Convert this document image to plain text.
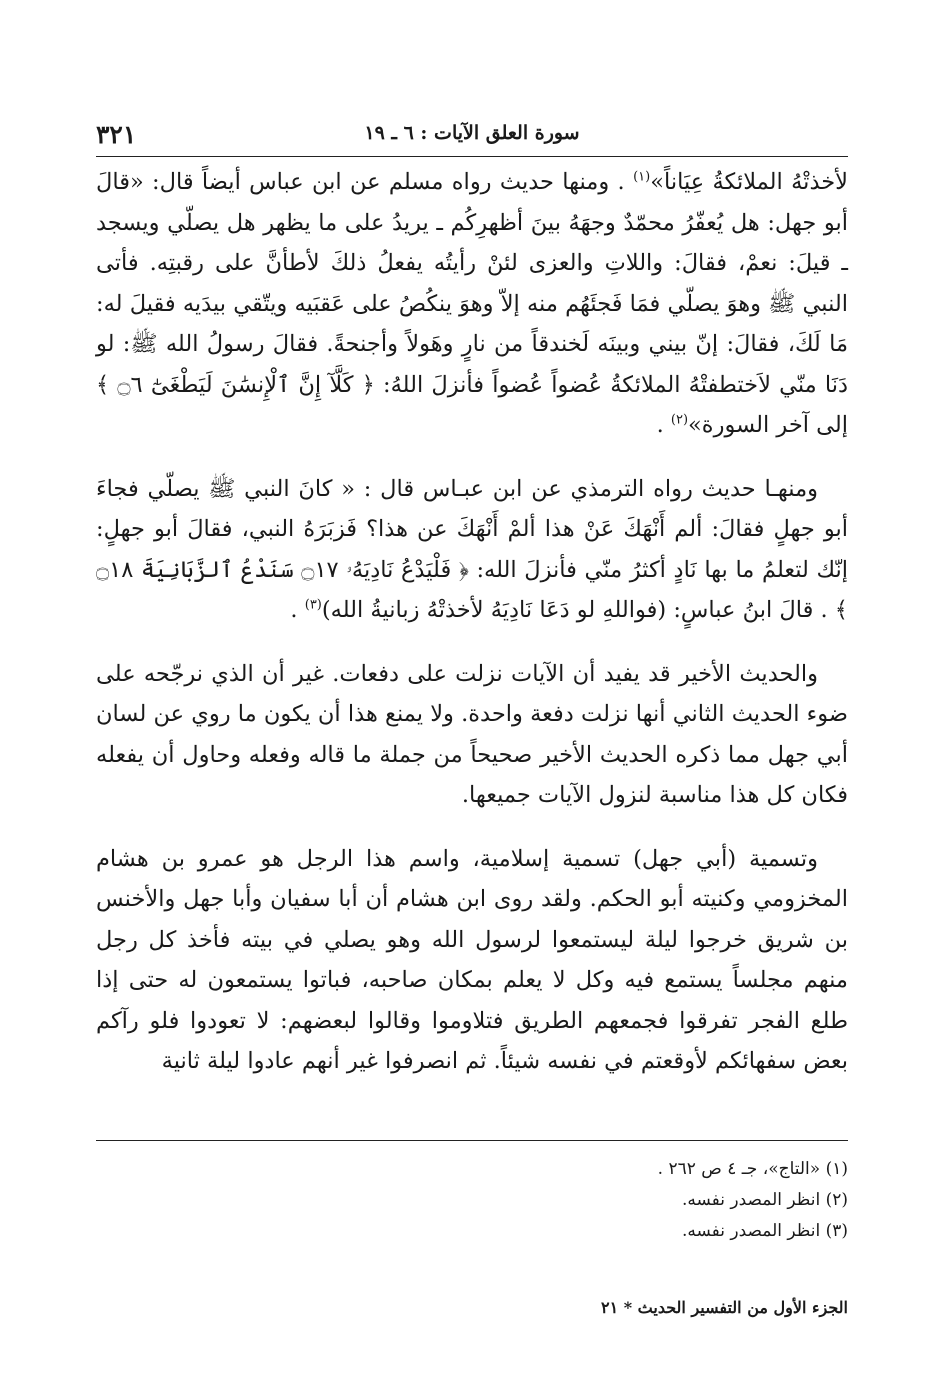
٣٢١	سورة العلق الآيات : ٦ ـ ١٩

لأخذتْهُ الملائكةُ عِيَاناً»$^{(١)}$ . ومنها حديث رواه مسلم عن ابن عباس أيضاً قال: «قالَ أبو جهل: هل يُعفّرُ محمّدٌ وجهَهُ بينَ أظهرِكُم ـ يريدُ على ما يظهر هل يصلّي ويسجد ـ قيلَ: نعمْ، فقالَ: واللاتِ والعزى لئنْ رأيتُه يفعلُ ذلكَ لأطأنَّ على رقبتِه. فأتى النبي ﷺ وهوَ يصلّي فمَا فَجئَهُم منه إلاّ وهوَ ينكُصُ على عَقبَيه ويتّقي بيدَيه فقيلَ له: مَا لَكَ، فقالَ: إنّ بيني وبينَه لَخندقاً من نارٍ وهَولاً وأجنحةً. فقالَ رسولُ الله ﷺ: لو دَنَا منّي لاَختطفتْهُ الملائكةُ عُضواً عُضواً فأنزلَ اللهُ: ﴿ كَلَّآ إِنَّ ٱلْإِنسَٰنَ لَيَطْغَىٰٓ ۝٦ ﴾ إلى آخر السورة»$^{(٢)}$ .

ومنهـا حديث رواه الترمذي عن ابن عبـاس قال : « كانَ النبي ﷺ يصلّي فجاءَ أبو جهلٍ فقالَ: ألم أَنْهَكَ عَنْ هذا ألمْ أَنْهَكَ عن هذا؟ فَزبَرَهُ النبي، فقالَ أبو جهلٍ: إنّك لتعلمُ ما بها نَادٍ أكثرُ منّي فأنزلَ الله: ﴿ فَلْيَدْعُ نَادِيَهُۥ ۝١٧ سَنَدْعُ ٱلزَّبَانِيَةَ ۝١٨ ﴾ . قالَ ابنُ عباسٍ: (فواللهِ لو دَعَا نَادِيَهُ لأخذتْهُ زبانيةُ الله)$^{(٣)}$ .

والحديث الأخير قد يفيد أن الآيات نزلت على دفعات. غير أن الذي نرجّحه على ضوء الحديث الثاني أنها نزلت دفعة واحدة. ولا يمنع هذا أن يكون ما روي عن لسان أبي جهل مما ذكره الحديث الأخير صحيحاً من جملة ما قاله وفعله وحاول أن يفعله فكان كل هذا مناسبة لنزول الآيات جميعها.

وتسمية (أبي جهل) تسمية إسلامية، واسم هذا الرجل هو عمرو بن هشام المخزومي وكنيته أبو الحكم. ولقد روى ابن هشام أن أبا سفيان وأبا جهل والأخنس بن شريق خرجوا ليلة ليستمعوا لرسول الله وهو يصلي في بيته فأخذ كل رجل منهم مجلساً يستمع فيه وكل لا يعلم بمكان صاحبه، فباتوا يستمعون له حتى إذا طلع الفجر تفرقوا فجمعهم الطريق فتلاوموا وقالوا لبعضهم: لا تعودوا فلو رآكم بعض سفهائكم لأوقعتم في نفسه شيئاً. ثم انصرفوا غير أنهم عادوا ليلة ثانية

(١) «التاج»، جـ ٤ ص ٢٦٢ .
(٢) انظر المصدر نفسه.
(٣) انظر المصدر نفسه.
الجزء الأول من التفسير الحديث * ٢١
